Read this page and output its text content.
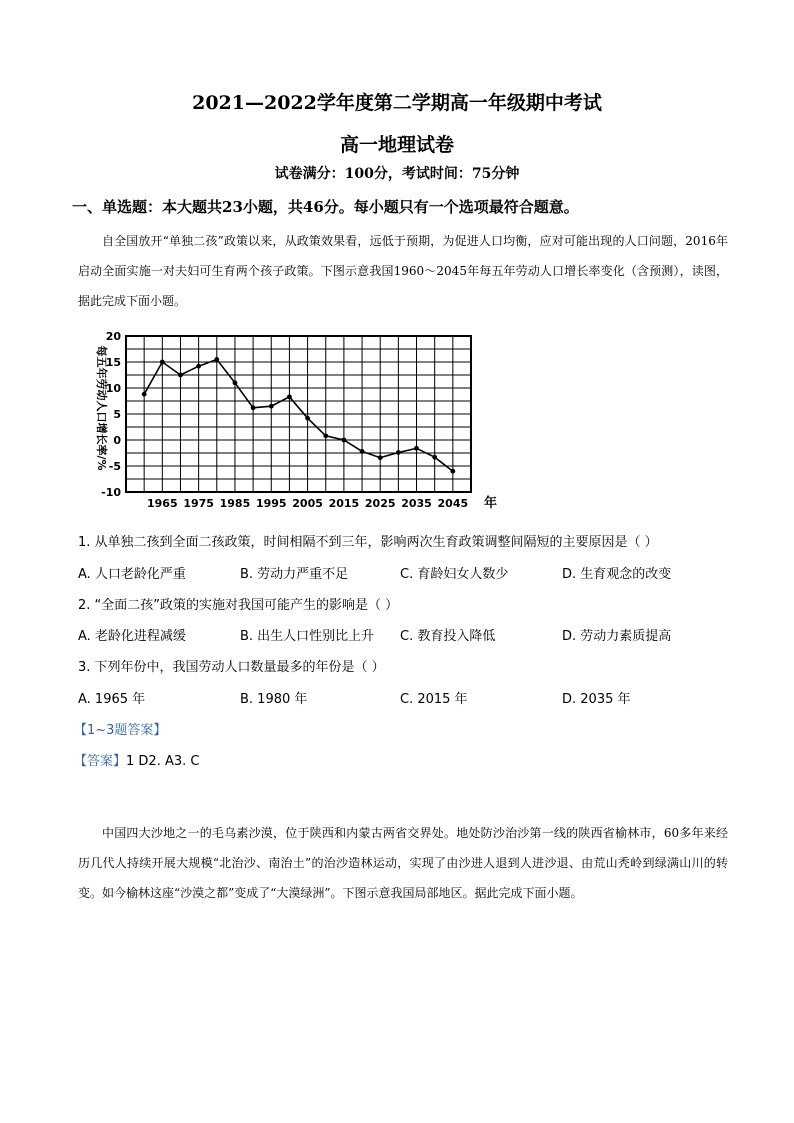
2021—2022学年度第二学期高一年级期中考试
高一地理试卷
试卷满分：100分，考试时间：75分钟
一、单选题：本大题共23小题，共46分。每小题只有一个选项最符合题意。
自全国放开“单独二孩”政策以来，从政策效果看，远低于预期，为促进人口均衡，应对可能出现的人口问题，2016年启动全面实施一对夫妇可生育两个孩子政策。下图示意我国1960～2045年每五年劳动人口增长率变化（含预测），读图，据此完成下面小题。
20
15
10
5
0
-5
-10
1965 1975 1985 1995 2005 2015 2025 2035 2045
每五年劳动人口增长率/%
年
1. 从单独二孩到全面二孩政策，时间相隔不到三年，影响两次生育政策调整间隔短的主要原因是（ ）
A. 人口老龄化严重	B. 劳动力严重不足	C. 育龄妇女人数少	D. 生育观念的改变
2. “全面二孩”政策的实施对我国可能产生的影响是（ ）
A. 老龄化进程减缓	B. 出生人口性别比上升 C. 教育投入降低	D. 劳动力素质提高
3. 下列年份中，我国劳动人口数量最多的年份是（ ）
A. 1965 年	B. 1980 年	C. 2015 年	D. 2035 年
【1~3题答案】
【答案】1 D2. A3. C
中国四大沙地之一的毛乌素沙漠，位于陕西和内蒙古两省交界处。地处防沙治沙第一线的陕西省榆林市，60多年来经历几代人持续开展大规模“北治沙、南治土”的治沙造林运动，实现了由沙进人退到人进沙退、由荒山秃岭到绿满山川的转变。如今榆林这座“沙漠之都”变成了“大漠绿洲”。下图示意我国局部地区。据此完成下面小题。
